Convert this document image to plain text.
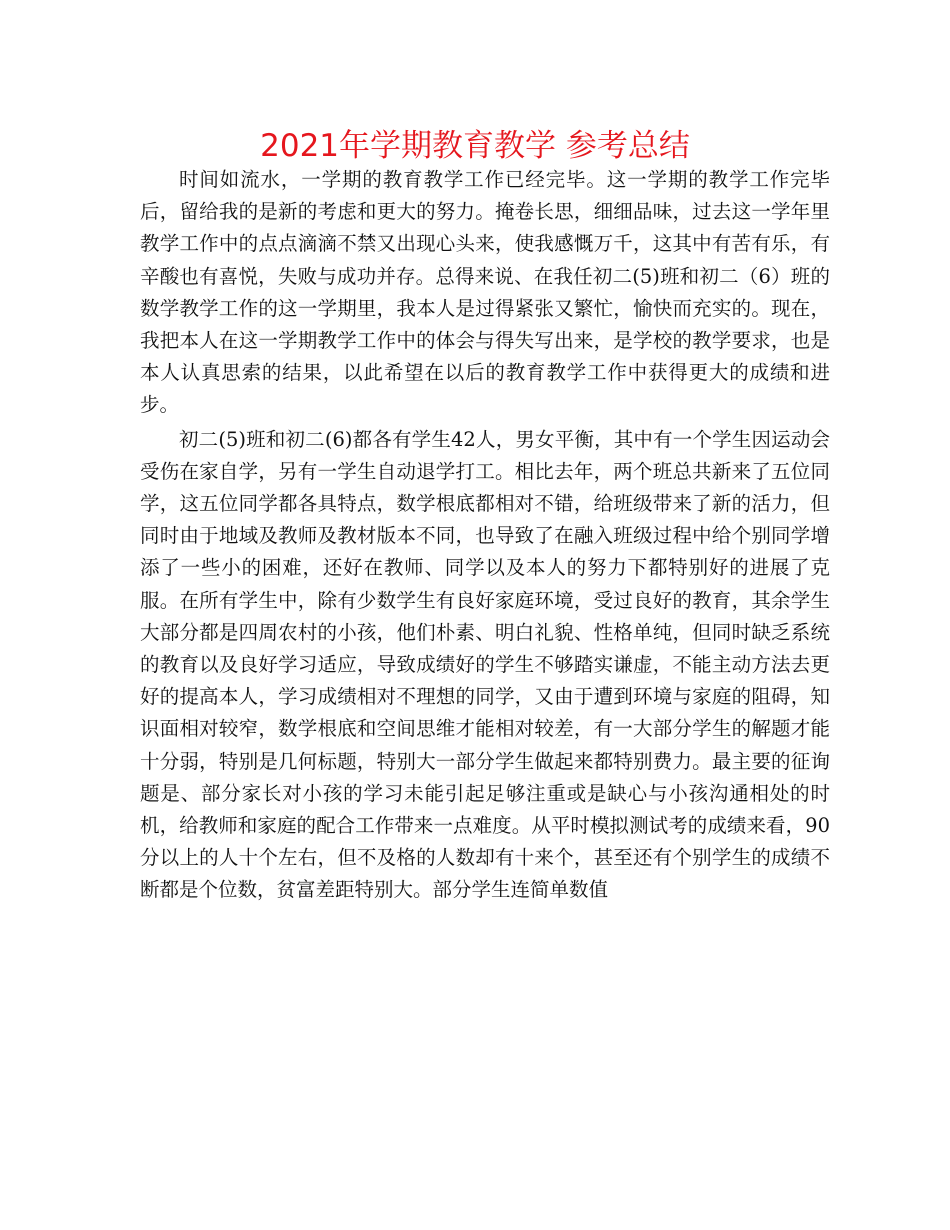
2021年学期教育教学 参考总结

时间如流水，一学期的教育教学工作已经完毕。这一学期的教学工作完毕后，留给我的是新的考虑和更大的努力。掩卷长思，细细品味，过去这一学年里教学工作中的点点滴滴不禁又出现心头来，使我感慨万千，这其中有苦有乐，有辛酸也有喜悦，失败与成功并存。总得来说、在我任初二(5)班和初二（6）班的数学教学工作的这一学期里，我本人是过得紧张又繁忙，愉快而充实的。现在，我把本人在这一学期教学工作中的体会与得失写出来，是学校的教学要求，也是本人认真思索的结果，以此希望在以后的教育教学工作中获得更大的成绩和进步。

初二(5)班和初二(6)都各有学生42人，男女平衡，其中有一个学生因运动会受伤在家自学，另有一学生自动退学打工。相比去年，两个班总共新来了五位同学，这五位同学都各具特点，数学根底都相对不错，给班级带来了新的活力，但同时由于地域及教师及教材版本不同，也导致了在融入班级过程中给个别同学增添了一些小的困难，还好在教师、同学以及本人的努力下都特别好的进展了克服。在所有学生中，除有少数学生有良好家庭环境，受过良好的教育，其余学生大部分都是四周农村的小孩，他们朴素、明白礼貌、性格单纯，但同时缺乏系统的教育以及良好学习适应，导致成绩好的学生不够踏实谦虚，不能主动方法去更好的提高本人，学习成绩相对不理想的同学，又由于遭到环境与家庭的阻碍，知识面相对较窄，数学根底和空间思维才能相对较差，有一大部分学生的解题才能十分弱，特别是几何标题，特别大一部分学生做起来都特别费力。最主要的征询题是、部分家长对小孩的学习未能引起足够注重或是缺心与小孩沟通相处的时机，给教师和家庭的配合工作带来一点难度。从平时模拟测试考的成绩来看，90分以上的人十个左右，但不及格的人数却有十来个，甚至还有个别学生的成绩不断都是个位数，贫富差距特别大。部分学生连简单数值
